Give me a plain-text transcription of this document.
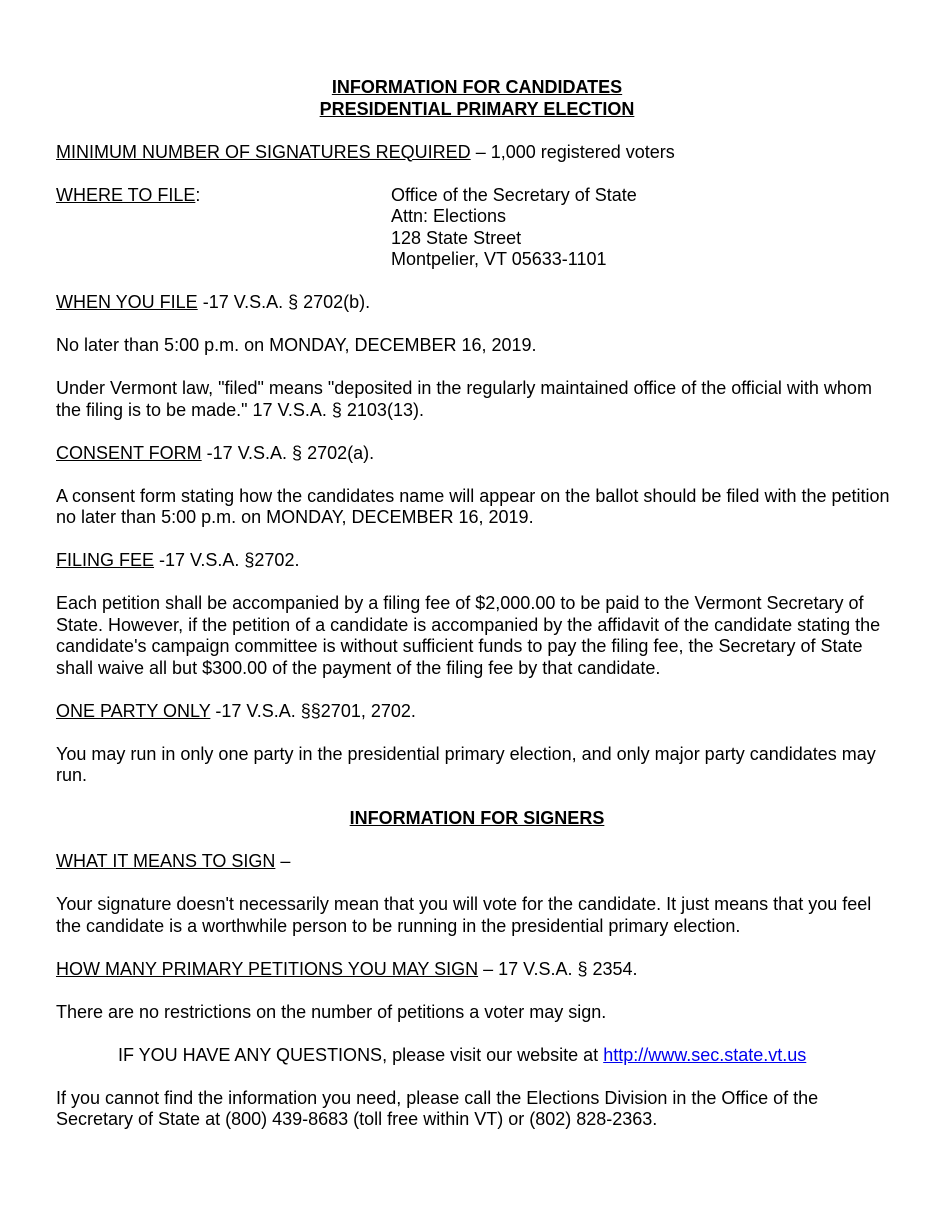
INFORMATION FOR CANDIDATES

PRESIDENTIAL PRIMARY ELECTION

MINIMUM NUMBER OF SIGNATURES REQUIRED – 1,000 registered voters

WHERE TO FILE:	Office of the Secretary of State
Attn: Elections
128 State Street
Montpelier, VT 05633-1101

WHEN YOU FILE -17 V.S.A. § 2702(b).

No later than 5:00 p.m. on MONDAY, DECEMBER 16, 2019.

Under Vermont law, "filed" means "deposited in the regularly maintained office of the official with whom the filing is to be made." 17 V.S.A. § 2103(13).

CONSENT FORM -17 V.S.A. § 2702(a).

A consent form stating how the candidates name will appear on the ballot should be filed with the petition no later than 5:00 p.m. on MONDAY, DECEMBER 16, 2019.

FILING FEE -17 V.S.A. §2702.

Each petition shall be accompanied by a filing fee of $2,000.00 to be paid to the Vermont Secretary of State. However, if the petition of a candidate is accompanied by the affidavit of the candidate stating the candidate's campaign committee is without sufficient funds to pay the filing fee, the Secretary of State shall waive all but $300.00 of the payment of the filing fee by that candidate.

ONE PARTY ONLY -17 V.S.A. §§2701, 2702.

You may run in only one party in the presidential primary election, and only major party candidates may run.

INFORMATION FOR SIGNERS

WHAT IT MEANS TO SIGN –

Your signature doesn't necessarily mean that you will vote for the candidate. It just means that you feel the candidate is a worthwhile person to be running in the presidential primary election.

HOW MANY PRIMARY PETITIONS YOU MAY SIGN – 17 V.S.A. § 2354.

There are no restrictions on the number of petitions a voter may sign.

IF YOU HAVE ANY QUESTIONS, please visit our website at http://www.sec.state.vt.us

If you cannot find the information you need, please call the Elections Division in the Office of the Secretary of State at (800) 439-8683 (toll free within VT) or (802) 828-2363.
